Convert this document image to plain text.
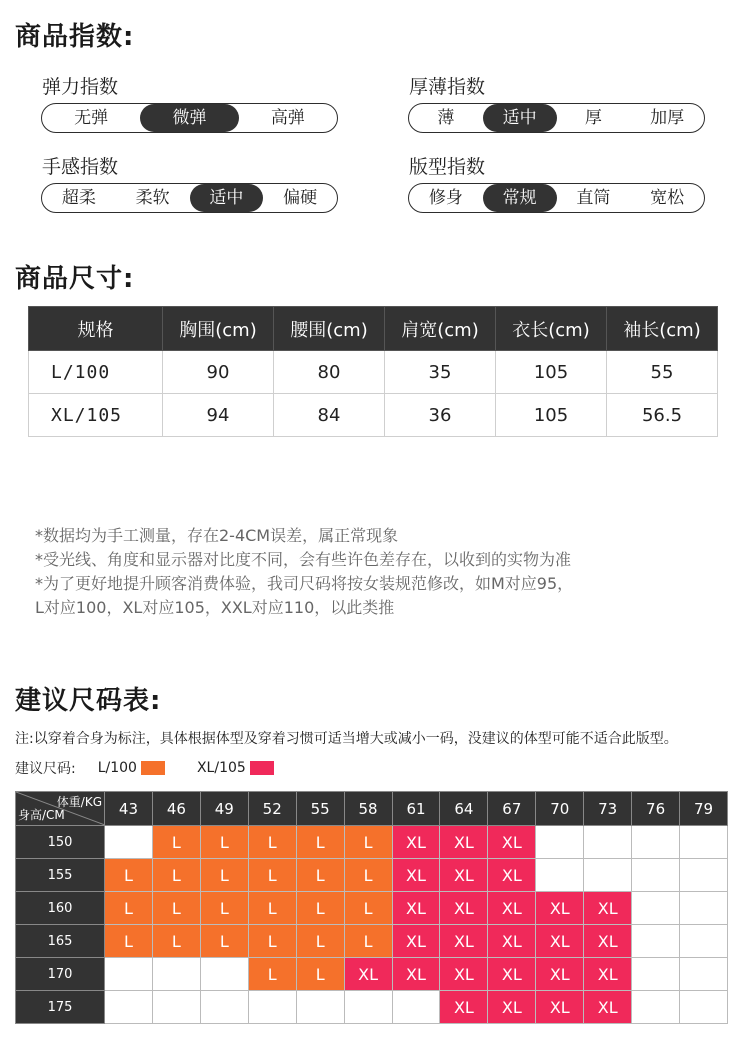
商品指数:
弹力指数
无弹	微弹	高弹
厚薄指数
薄	适中	厚	加厚
手感指数
超柔	柔软	适中	偏硬
版型指数
修身	常规	直筒	宽松
商品尺寸:
规格	胸围(cm)	腰围(cm)	肩宽(cm)	衣长(cm)	袖长(cm)
L/100	90	80	35	105	55
XL/105	94	84	36	105	56.5
*数据均为手工测量，存在2-4CM误差，属正常现象
*受光线、角度和显示器对比度不同，会有些许色差存在，以收到的实物为准
*为了更好地提升顾客消费体验，我司尺码将按女装规范修改，如M对应95，
L对应100，XL对应105，XXL对应110，以此类推
建议尺码表:
注:以穿着合身为标注，具体根据体型及穿着习惯可适当增大或减小一码，没建议的体型可能不适合此版型。
建议尺码: L/100	XL/105
体重/KG
身高/CM	43	46	49	52	55	58	61	64	67	70	73	76	79
150		L	L	L	L	L	XL	XL	XL				
155	L	L	L	L	L	L	XL	XL	XL				
160	L	L	L	L	L	L	XL	XL	XL	XL	XL		
165	L	L	L	L	L	L	XL	XL	XL	XL	XL		
170				L	L	XL	XL	XL	XL	XL	XL		
175								XL	XL	XL	XL		
